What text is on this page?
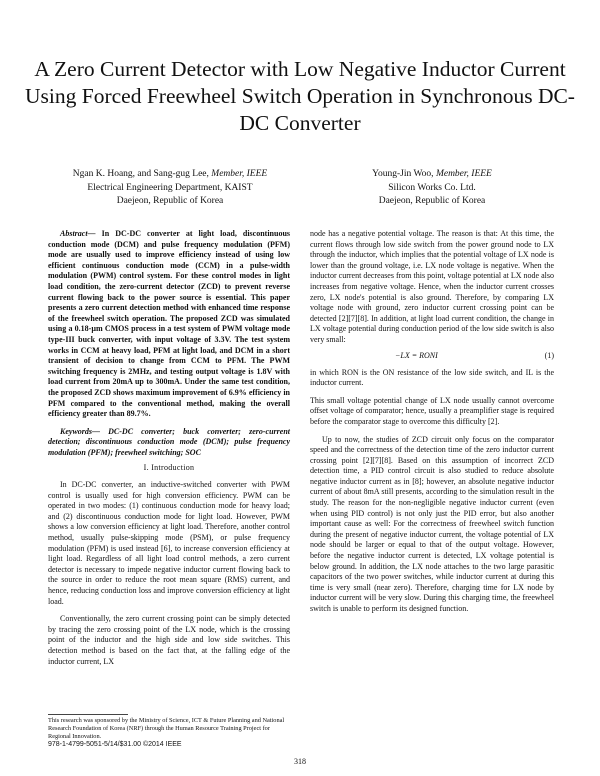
A Zero Current Detector with Low Negative Inductor Current Using Forced Freewheel Switch Operation in Synchronous DC-DC Converter

Ngan K. Hoang, and Sang-gug Lee, Member, IEEE

Electrical Engineering Department, KAIST

Daejeon, Republic of Korea

Young-Jin Woo, Member, IEEE

Silicon Works Co. Ltd.

Daejeon, Republic of Korea

Abstract— In DC-DC converter at light load, discontinuous conduction mode (DCM) and pulse frequency modulation (PFM) mode are usually used to improve efficiency instead of using low efficient continuous conduction mode (CCM) in a pulse-width modulation (PWM) control system. For these control modes in light load condition, the zero-current detector (ZCD) to prevent reverse current flowing back to the power source is essential. This paper presents a zero current detection method with enhanced time response of the freewheel switch operation. The proposed ZCD was simulated using a 0.18-µm CMOS process in a test system of PWM voltage mode type-III buck converter, with input voltage of 3.3V. The test system works in CCM at heavy load, PFM at light load, and DCM in a short transient of decision to change from CCM to PFM. The PWM switching frequency is 2MHz, and testing output voltage is 1.8V with load current from 20mA up to 300mA. Under the same test condition, the proposed ZCD shows maximum improvement of 6.9% efficiency in PFM compared to the conventional method, making the overall efficiency greater than 89.7%.

Keywords— DC-DC converter; buck converter; zero-current detection; discontinuous conduction mode (DCM); pulse frequency modulation (PFM); freewheel switching; SOC

I. Introduction

In DC-DC converter, an inductive-switched converter with PWM control is usually used for high conversion efficiency. PWM can be operated in two modes: (1) continuous conduction mode for heavy load; and (2) discontinuous conduction mode for light load. However, PWM shows a low conversion efficiency at light load. Therefore, another control method, usually pulse-skipping mode (PSM), or pulse frequency modulation (PFM) is used instead [6], to increase conversion efficiency at light load. Regardless of all light load control methods, a zero current detector is necessary to impede negative inductor current flowing back to the source in order to reduce the root mean square (RMS) current, and hence, reducing conduction loss and improve conversion efficiency at light load.

Conventionally, the zero current crossing point can be simply detected by tracing the zero crossing point of the LX node, which is the crossing point of the inductor and the high side and low side switches. This detection method is based on the fact that, at the falling edge of the inductor current, LX

node has a negative potential voltage. The reason is that: At this time, the current flows through low side switch from the power ground node to LX through the inductor, which implies that the potential voltage of LX node is lower than the ground voltage, i.e. LX node voltage is negative. When the inductor current decreases from this point, voltage potential at LX node also increases from negative voltage. Hence, when the inductor current crosses zero, LX node's potential is also ground. Therefore, by comparing LX voltage node with ground, zero inductor current crossing point can be detected [2][7][8]. In addition, at light load current condition, the change in LX voltage potential during conduction period of the low side switch is also very small:

−LX = RONI	(1)

in which RON is the ON resistance of the low side switch, and IL is the inductor current.

This small voltage potential change of LX node usually cannot overcome offset voltage of comparator; hence, usually a preamplifier stage is required before the comparator stage to overcome this difficulty [2].

Up to now, the studies of ZCD circuit only focus on the comparator speed and the correctness of the detection time of the zero inductor current crossing point [2][7][8]. Based on this assumption of incorrect ZCD detection time, a PID control circuit is also studied to reduce absolute negative inductor current as in [8]; however, an absolute negative inductor current of about 8mA still presents, according to the simulation result in the study. The reason for the non-negligible negative inductor current (even when using PID control) is not only just the PID error, but also another important cause as well: For the correctness of freewheel switch function during the present of negative inductor current, the voltage potential of LX node should be larger or equal to that of the output voltage. However, before the negative inductor current is detected, LX voltage potential is below ground. In addition, the LX node attaches to the two large parasitic capacitors of the two power switches, while inductor current at during this time is very small (near zero). Therefore, charging time for LX node by inductor current will be very slow. During this charging time, the freewheel switch is unable to perform its designed function.

This research was sponsored by the Ministry of Science, ICT & Future Planning and National Research Foundation of Korea (NRF) through the Human Resource Training Project for Regional Innovation.
978-1-4799-5051-5/14/$31.00 ©2014 IEEE
318
